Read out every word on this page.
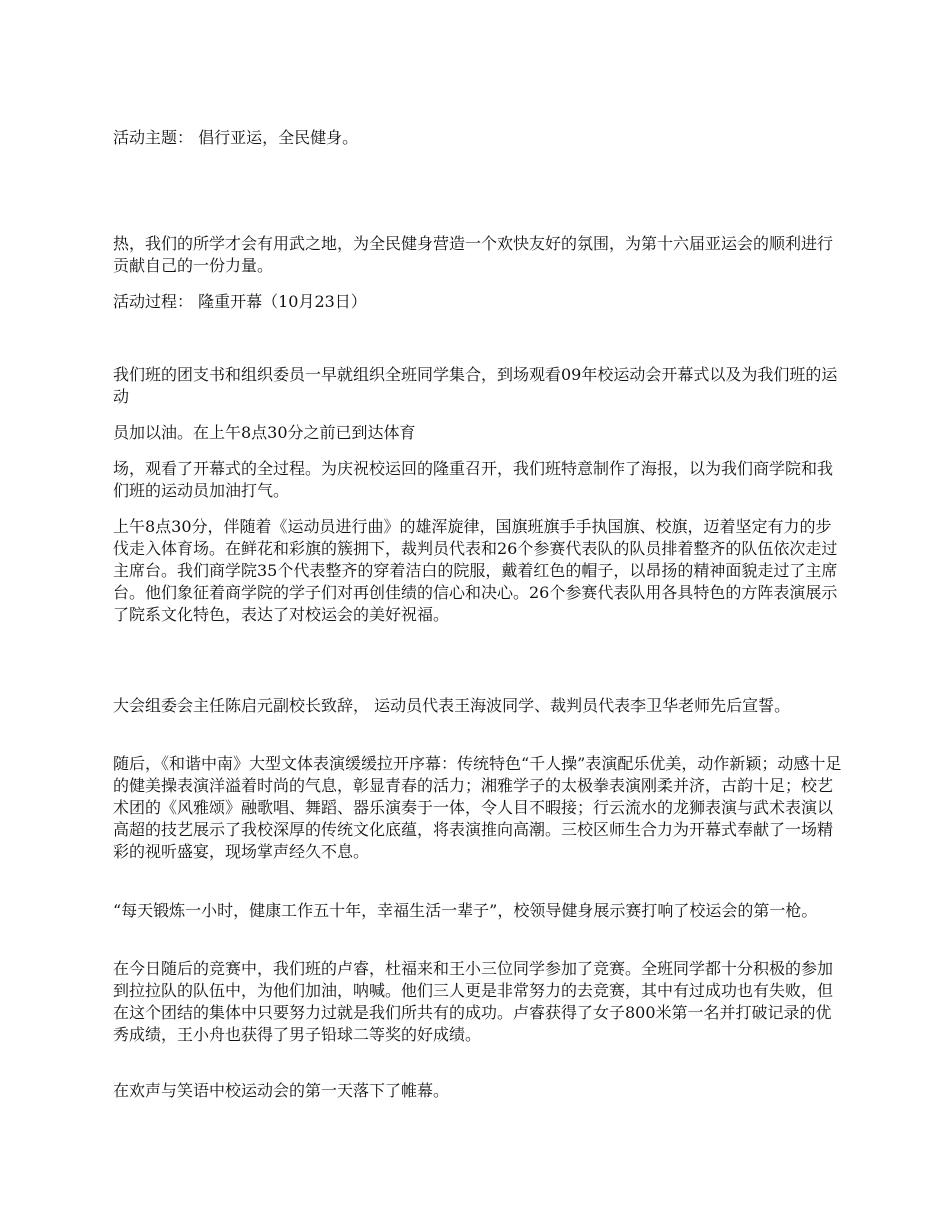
活动主题： 倡行亚运，全民健身。

热，我们的所学才会有用武之地，为全民健身营造一个欢快友好的氛围，为第十六届亚运会的顺利进行贡献自己的一份力量。

活动过程： 隆重开幕（10月23日）

我们班的团支书和组织委员一早就组织全班同学集合，到场观看09年校运动会开幕式以及为我们班的运动

员加以油。在上午8点30分之前已到达体育

场，观看了开幕式的全过程。为庆祝校运回的隆重召开，我们班特意制作了海报，以为我们商学院和我们班的运动员加油打气。

上午8点30分，伴随着《运动员进行曲》的雄浑旋律，国旗班旗手手执国旗、校旗，迈着坚定有力的步伐走入体育场。在鲜花和彩旗的簇拥下，裁判员代表和26个参赛代表队的队员排着整齐的队伍依次走过主席台。我们商学院35个代表整齐的穿着洁白的院服，戴着红色的帽子，以昂扬的精神面貌走过了主席台。他们象征着商学院的学子们对再创佳绩的信心和决心。26个参赛代表队用各具特色的方阵表演展示了院系文化特色，表达了对校运会的美好祝福。

大会组委会主任陈启元副校长致辞， 运动员代表王海波同学、裁判员代表李卫华老师先后宣誓。

随后，《和谐中南》大型文体表演缓缓拉开序幕：传统特色“千人操”表演配乐优美，动作新颖；动感十足的健美操表演洋溢着时尚的气息，彰显青春的活力；湘雅学子的太极拳表演刚柔并济，古韵十足；校艺术团的《风雅颂》融歌唱、舞蹈、器乐演奏于一体，令人目不暇接；行云流水的龙狮表演与武术表演以高超的技艺展示了我校深厚的传统文化底蕴，将表演推向高潮。三校区师生合力为开幕式奉献了一场精彩的视听盛宴，现场掌声经久不息。

“每天锻炼一小时，健康工作五十年，幸福生活一辈子”，校领导健身展示赛打响了校运会的第一枪。

在今日随后的竞赛中，我们班的卢睿，杜福来和王小三位同学参加了竞赛。全班同学都十分积极的参加到拉拉队的队伍中，为他们加油，呐喊。他们三人更是非常努力的去竞赛，其中有过成功也有失败，但在这个团结的集体中只要努力过就是我们所共有的成功。卢睿获得了女子800米第一名并打破记录的优秀成绩，王小舟也获得了男子铅球二等奖的好成绩。

在欢声与笑语中校运动会的第一天落下了帷幕。
